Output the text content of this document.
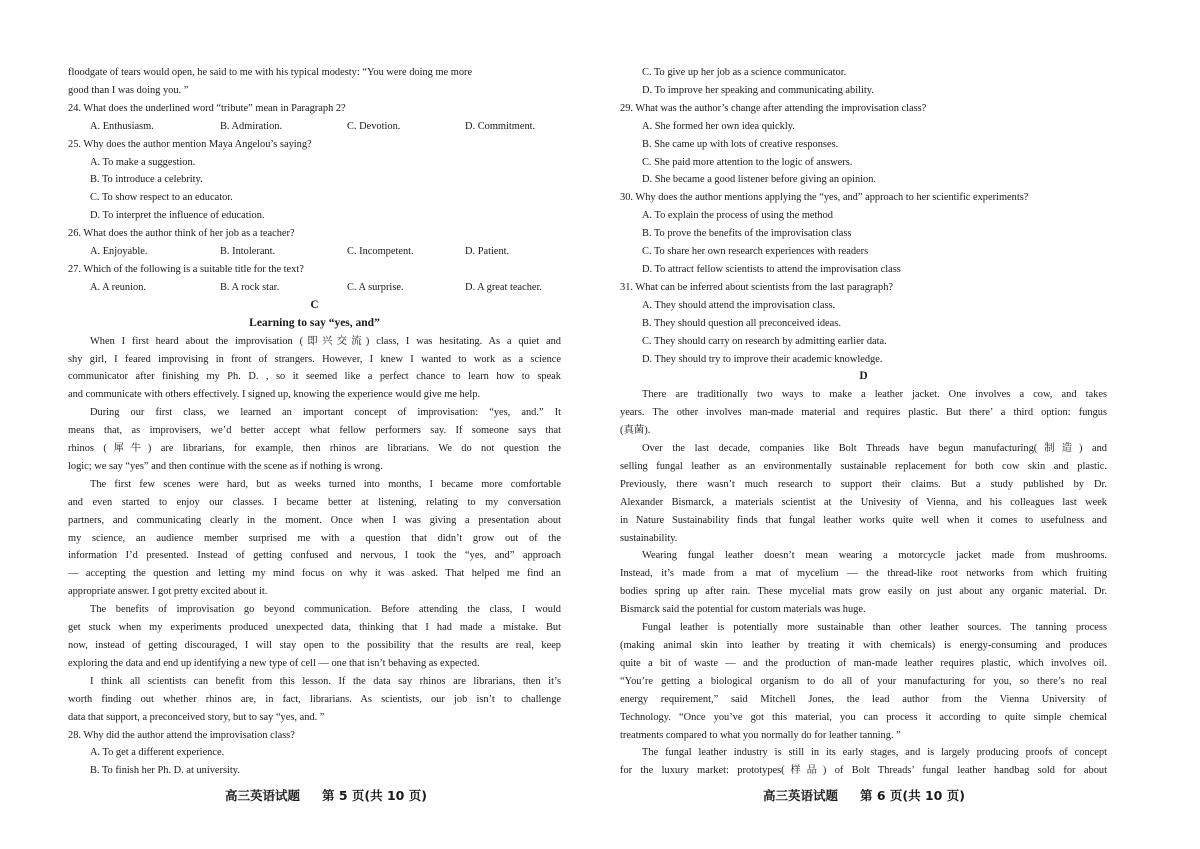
floodgate of tears would open, he said to me with his typical modesty: “You were doing me more
good than I was doing you. ”
24. What does the underlined word “tribute” mean in Paragraph 2?
A. Enthusiasm.	B. Admiration.	C. Devotion.	D. Commitment.
25. Why does the author mention Maya Angelou’s saying?
A. To make a suggestion.
B. To introduce a celebrity.
C. To show respect to an educator.
D. To interpret the influence of education.
26. What does the author think of her job as a teacher?
A. Enjoyable.	B. Intolerant.	C. Incompetent.	D. Patient.
27. Which of the following is a suitable title for the text?
A. A reunion.	B. A rock star.	C. A surprise.	D. A great teacher.
C
Learning to say “yes, and”
When I first heard about the improvisation (即兴交流) class, I was hesitating. As a quiet and
shy girl, I feared improvising in front of strangers. However, I knew I wanted to work as a science
communicator after finishing my Ph. D. , so it seemed like a perfect chance to learn how to speak
and communicate with others effectively. I signed up, knowing the experience would give me help.
During our first class, we learned an important concept of improvisation: “yes, and.” It
means that, as improvisers, we’d better accept what fellow performers say. If someone says that
rhinos (犀牛) are librarians, for example, then rhinos are librarians. We do not question the
logic; we say “yes” and then continue with the scene as if nothing is wrong.
The first few scenes were hard, but as weeks turned into months, I became more comfortable
and even started to enjoy our classes. I became better at listening, relating to my conversation
partners, and communicating clearly in the moment. Once when I was giving a presentation about
my science, an audience member surprised me with a question that didn’t grow out of the
information I’d presented. Instead of getting confused and nervous, I took the “yes, and” approach
— accepting the question and letting my mind focus on why it was asked. That helped me find an
appropriate answer. I got pretty excited about it.
The benefits of improvisation go beyond communication. Before attending the class, I would
get stuck when my experiments produced unexpected data, thinking that I had made a mistake. But
now, instead of getting discouraged, I will stay open to the possibility that the results are real, keep
exploring the data and end up identifying a new type of cell — one that isn’t behaving as expected.
I think all scientists can benefit from this lesson. If the data say rhinos are librarians, then it’s
worth finding out whether rhinos are, in fact, librarians. As scientists, our job isn’t to challenge
data that support, a preconceived story, but to say “yes, and. ”
28. Why did the author attend the improvisation class?
A. To get a different experience.
B. To finish her Ph. D. at university.
高三英语试题 第 5 页(共 10 页)
C. To give up her job as a science communicator.
D. To improve her speaking and communicating ability.
29. What was the author’s change after attending the improvisation class?
A. She formed her own idea quickly.
B. She came up with lots of creative responses.
C. She paid more attention to the logic of answers.
D. She became a good listener before giving an opinion.
30. Why does the author mentions applying the “yes, and” approach to her scientific experiments?
A. To explain the process of using the method
B. To prove the benefits of the improvisation class
C. To share her own research experiences with readers
D. To attract fellow scientists to attend the improvisation class
31. What can be inferred about scientists from the last paragraph?
A. They should attend the improvisation class.
B. They should question all preconceived ideas.
C. They should carry on research by admitting earlier data.
D. They should try to improve their academic knowledge.
D
There are traditionally two ways to make a leather jacket. One involves a cow, and takes
years. The other involves man-made material and requires plastic. But there’ a third option: fungus
(真菌).
Over the last decade, companies like Bolt Threads have begun manufacturing(制造) and
selling fungal leather as an environmentally sustainable replacement for both cow skin and plastic.
Previously, there wasn’t much research to support their claims. But a study published by Dr.
Alexander Bismarck, a materials scientist at the Univesity of Vienna, and his colleagues last week
in Nature Sustainability finds that fungal leather works quite well when it comes to usefulness and
sustainability.
Wearing fungal leather doesn’t mean wearing a motorcycle jacket made from mushrooms.
Instead, it’s made from a mat of mycelium — the thread-like root networks from which fruiting
bodies spring up after rain. These mycelial mats grow easily on just about any organic material. Dr.
Bismarck said the potential for custom materials was huge.
Fungal leather is potentially more sustainable than other leather sources. The tanning process
(making animal skin into leather by treating it with chemicals) is energy-consuming and produces
quite a bit of waste — and the production of man-made leather requires plastic, which involves oil.
“You’re getting a biological organism to do all of your manufacturing for you, so there’s no real
energy requirement,” said Mitchell Jones, the lead author from the Vienna University of
Technology. “Once you’ve got this material, you can process it according to quite simple chemical
treatments compared to what you normally do for leather tanning. ”
The fungal leather industry is still in its early stages, and is largely producing proofs of concept
for the luxury market: prototypes(样品) of Bolt Threads’ fungal leather handbag sold for about
高三英语试题 第 6 页(共 10 页)
